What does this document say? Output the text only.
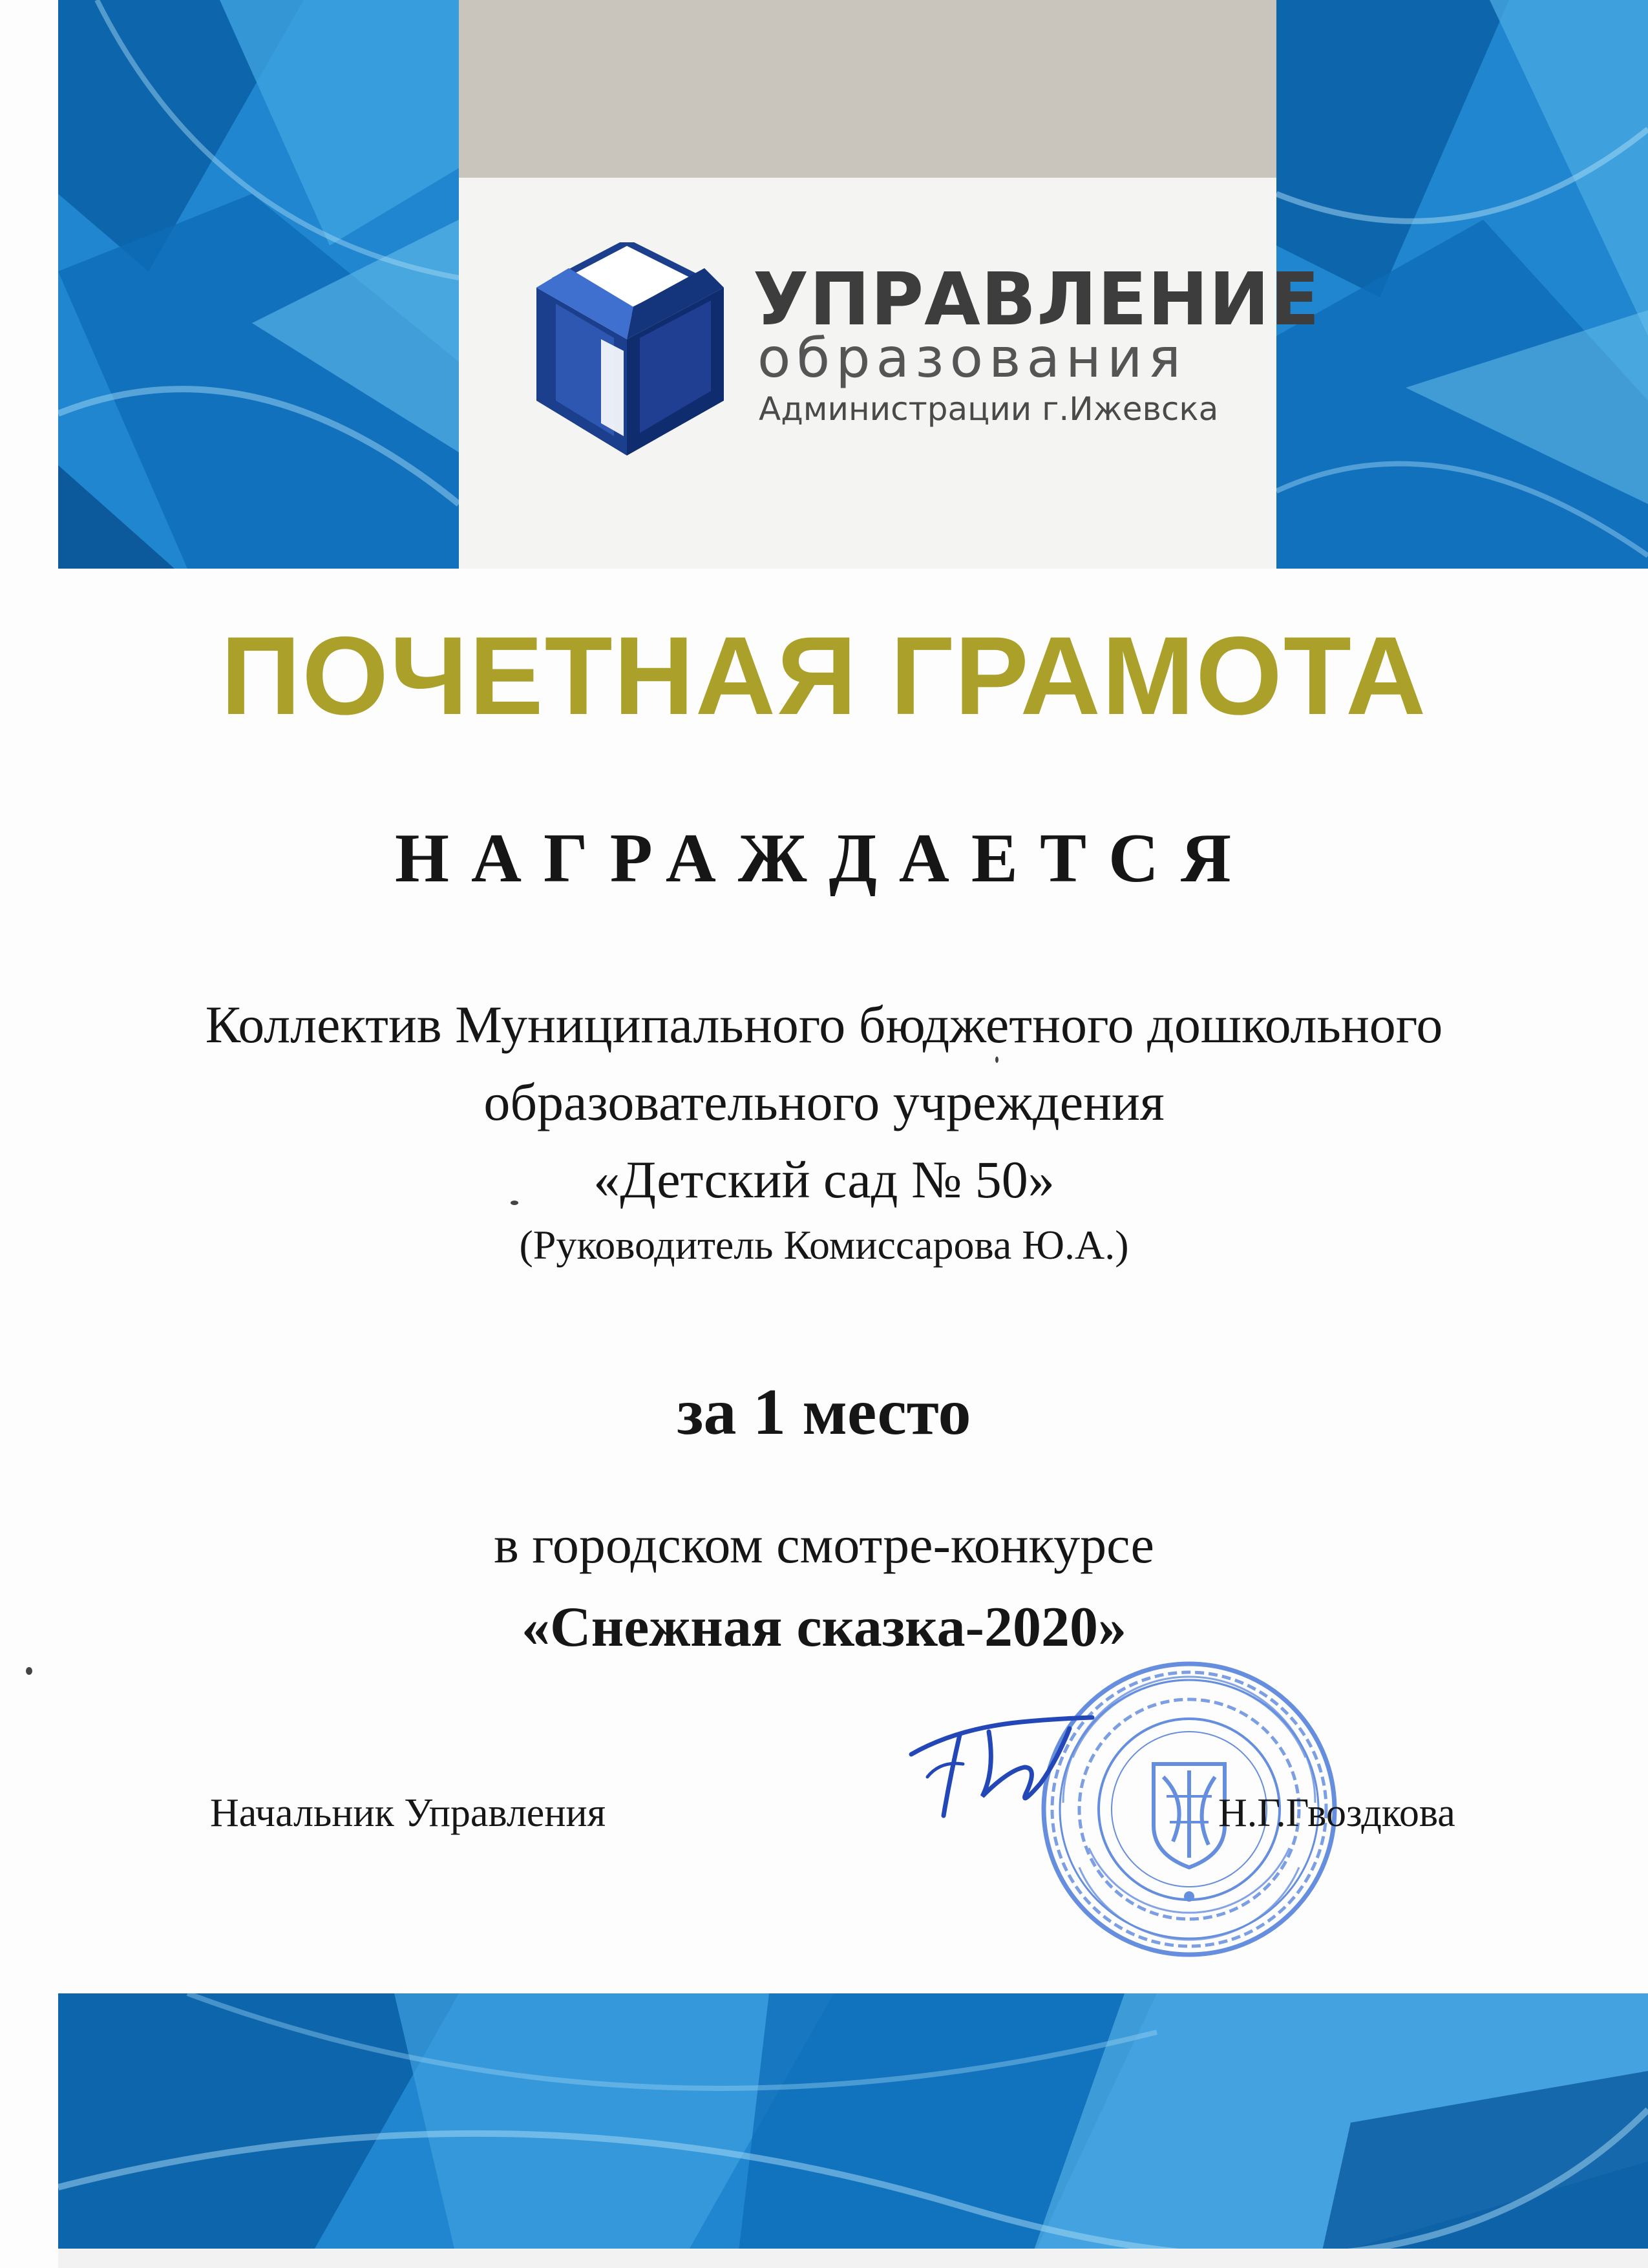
УПРАВЛЕНИЕ
образования
Администрации г.Ижевска
ПОЧЕТНАЯ ГРАМОТА
НАГРАЖДАЕТСЯ
Коллектив Муниципального бюджетного дошкольного
образовательного учреждения
«Детский сад № 50»
(Руководитель Комиссарова Ю.А.)
за 1 место
в городском смотре-конкурсе
«Снежная сказка-2020»
Начальник Управления	Н.Г.Гвоздкова
